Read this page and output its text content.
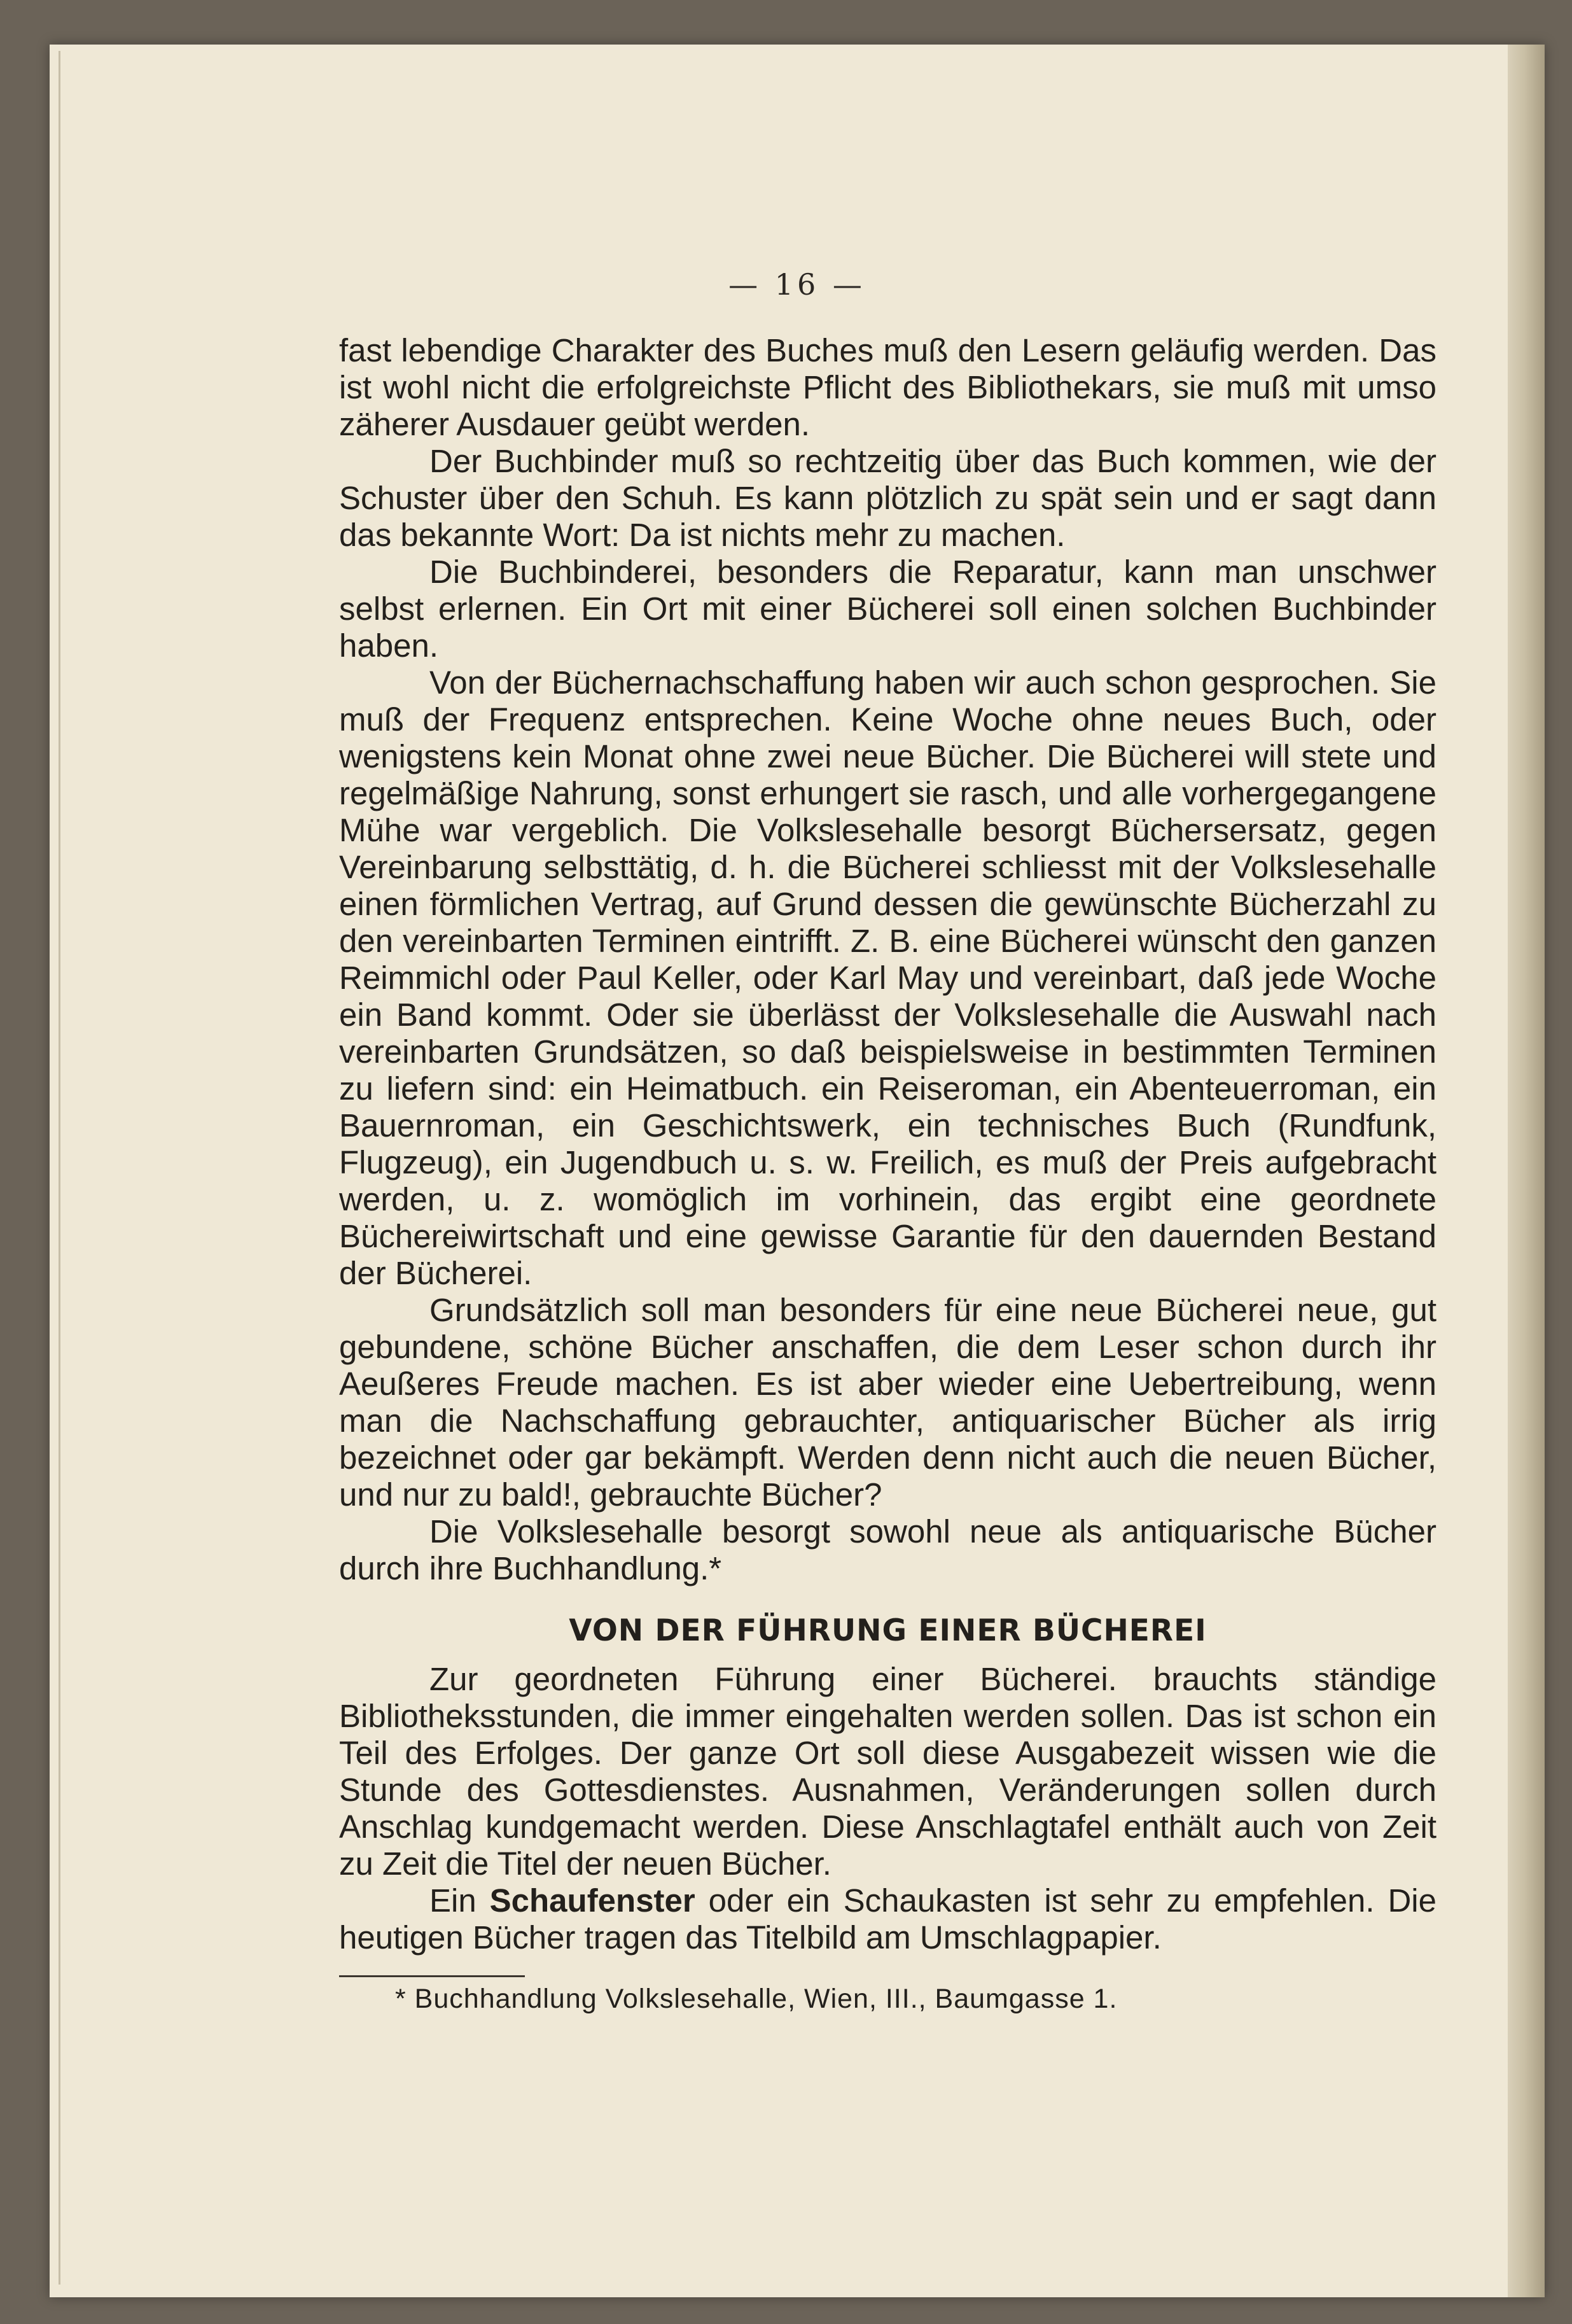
— 16 —

fast lebendige Charakter des Buches muß den Lesern geläufig werden. Das ist wohl nicht die erfolgreichste Pflicht des Bibliothekars, sie muß mit umso zäherer Ausdauer geübt werden.

Der Buchbinder muß so rechtzeitig über das Buch kommen, wie der Schuster über den Schuh. Es kann plötzlich zu spät sein und er sagt dann das bekannte Wort: Da ist nichts mehr zu machen.

Die Buchbinderei, besonders die Reparatur, kann man unschwer selbst erlernen. Ein Ort mit einer Bücherei soll einen solchen Buchbinder haben.

Von der Büchernachschaffung haben wir auch schon gesprochen. Sie muß der Frequenz entsprechen. Keine Woche ohne neues Buch, oder wenigstens kein Monat ohne zwei neue Bücher. Die Bücherei will stete und regelmäßige Nahrung, sonst erhungert sie rasch, und alle vorhergegangene Mühe war vergeblich. Die Volkslesehalle besorgt Büchersersatz, gegen Vereinbarung selbsttätig, d. h. die Bücherei schliesst mit der Volkslesehalle einen förmlichen Vertrag, auf Grund dessen die gewünschte Bücherzahl zu den vereinbarten Terminen eintrifft. Z. B. eine Bücherei wünscht den ganzen Reimmichl oder Paul Keller, oder Karl May und vereinbart, daß jede Woche ein Band kommt. Oder sie überlässt der Volkslesehalle die Auswahl nach vereinbarten Grundsätzen, so daß beispielsweise in bestimmten Terminen zu liefern sind: ein Heimatbuch. ein Reiseroman, ein Abenteuerroman, ein Bauernroman, ein Geschichtswerk, ein technisches Buch (Rundfunk, Flugzeug), ein Jugendbuch u. s. w. Freilich, es muß der Preis aufgebracht werden, u. z. womöglich im vorhinein, das ergibt eine geordnete Büchereiwirtschaft und eine gewisse Garantie für den dauernden Bestand der Bücherei.

Grundsätzlich soll man besonders für eine neue Bücherei neue, gut gebundene, schöne Bücher anschaffen, die dem Leser schon durch ihr Aeußeres Freude machen. Es ist aber wieder eine Uebertreibung, wenn man die Nachschaffung gebrauchter, antiquarischer Bücher als irrig bezeichnet oder gar bekämpft. Werden denn nicht auch die neuen Bücher, und nur zu bald!, gebrauchte Bücher?

Die Volkslesehalle besorgt sowohl neue als antiquarische Bücher durch ihre Buchhandlung.*

VON DER FÜHRUNG EINER BÜCHEREI

Zur geordneten Führung einer Bücherei. brauchts ständige Bibliotheksstunden, die immer eingehalten werden sollen. Das ist schon ein Teil des Erfolges. Der ganze Ort soll diese Ausgabezeit wissen wie die Stunde des Gottesdienstes. Ausnahmen, Veränderungen sollen durch Anschlag kundgemacht werden. Diese Anschlagtafel enthält auch von Zeit zu Zeit die Titel der neuen Bücher.

Ein Schaufenster oder ein Schaukasten ist sehr zu empfehlen. Die heutigen Bücher tragen das Titelbild am Umschlagpapier.

* Buchhandlung Volkslesehalle, Wien, III., Baumgasse 1.
